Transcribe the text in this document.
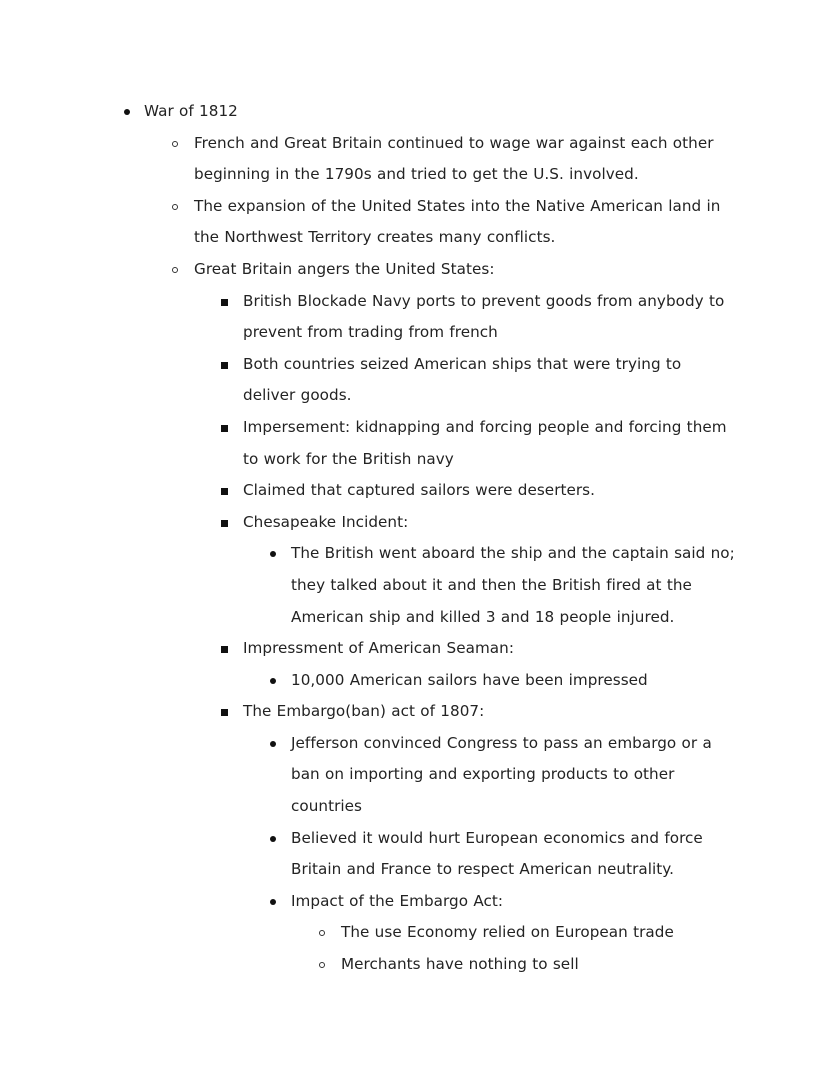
War of 1812
French and Great Britain continued to wage war against each other beginning in the 1790s and tried to get the U.S. involved.
The expansion of the United States into the Native American land in the Northwest Territory creates many conflicts.
Great Britain angers the United States:
British Blockade Navy ports to prevent goods from anybody to prevent from trading from french
Both countries seized American ships that were trying to deliver goods.
Impersement: kidnapping and forcing people and forcing them to work for the British navy
Claimed that captured sailors were deserters.
Chesapeake Incident:
The British went aboard the ship and the captain said no; they talked about it and then the British fired at the American ship and killed 3 and 18 people injured.
Impressment of American Seaman:
10,000 American sailors have been impressed
The Embargo(ban) act of 1807:
Jefferson convinced Congress to pass an embargo or a ban on importing and exporting products to other countries
Believed it would hurt European economics and force Britain and France to respect American neutrality.
Impact of the Embargo Act:
The use Economy relied on European trade
Merchants have nothing to sell
